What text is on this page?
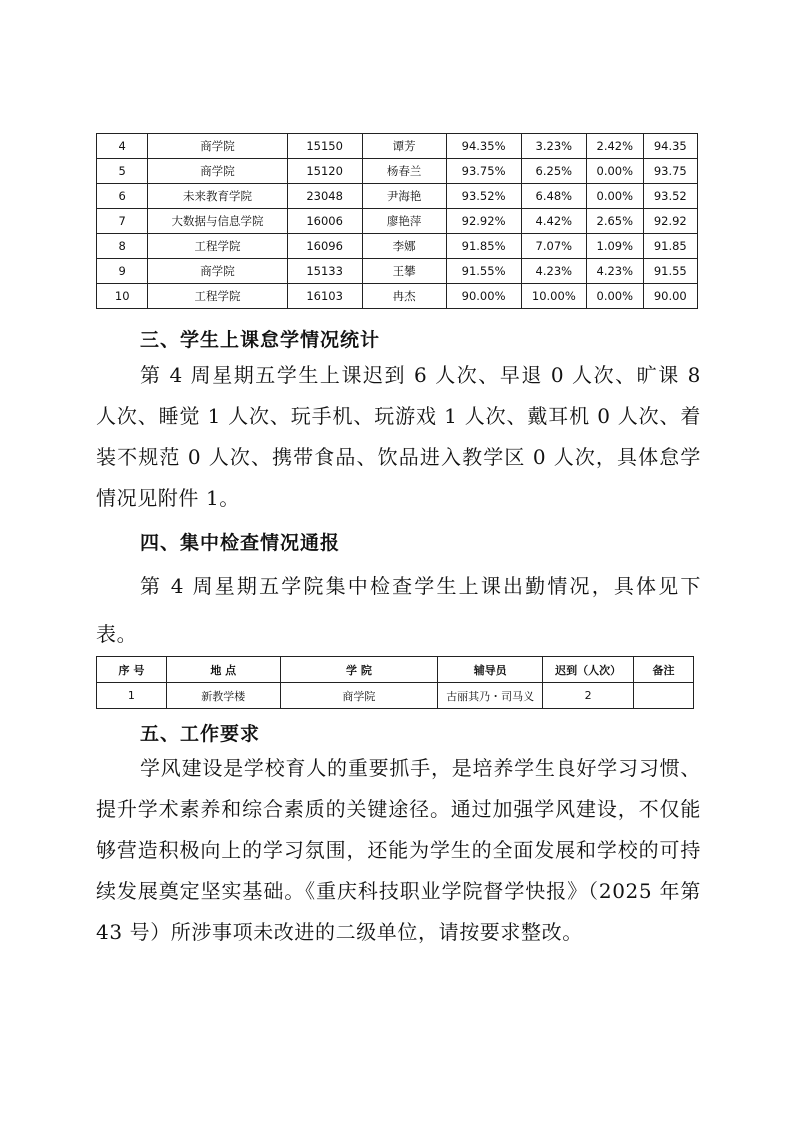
4	商学院	15150	谭芳	94.35%	3.23%	2.42%	94.35
5	商学院	15120	杨春兰	93.75%	6.25%	0.00%	93.75
6	未来教育学院	23048	尹海艳	93.52%	6.48%	0.00%	93.52
7	大数据与信息学院	16006	廖艳萍	92.92%	4.42%	2.65%	92.92
8	工程学院	16096	李娜	91.85%	7.07%	1.09%	91.85
9	商学院	15133	王攀	91.55%	4.23%	4.23%	91.55
10	工程学院	16103	冉杰	90.00%	10.00%	0.00%	90.00
三、学生上课怠学情况统计
第 4 周星期五学生上课迟到 6 人次、早退 0 人次、旷课 8 人次、睡觉 1 人次、玩手机、玩游戏 1 人次、戴耳机 0 人次、着装不规范 0 人次、携带食品、饮品进入教学区 0 人次，具体怠学情况见附件 1。
四、集中检查情况通报
第 4 周星期五学院集中检查学生上课出勤情况，具体见下表。
序 号	地 点	学 院	辅导员	迟到（人次）	备注
1	新教学楼	商学院	古丽其乃・司马义	2	
五、工作要求
学风建设是学校育人的重要抓手，是培养学生良好学习习惯、提升学术素养和综合素质的关键途径。通过加强学风建设，不仅能够营造积极向上的学习氛围，还能为学生的全面发展和学校的可持续发展奠定坚实基础。《重庆科技职业学院督学快报》（2025 年第 43 号）所涉事项未改进的二级单位，请按要求整改。
